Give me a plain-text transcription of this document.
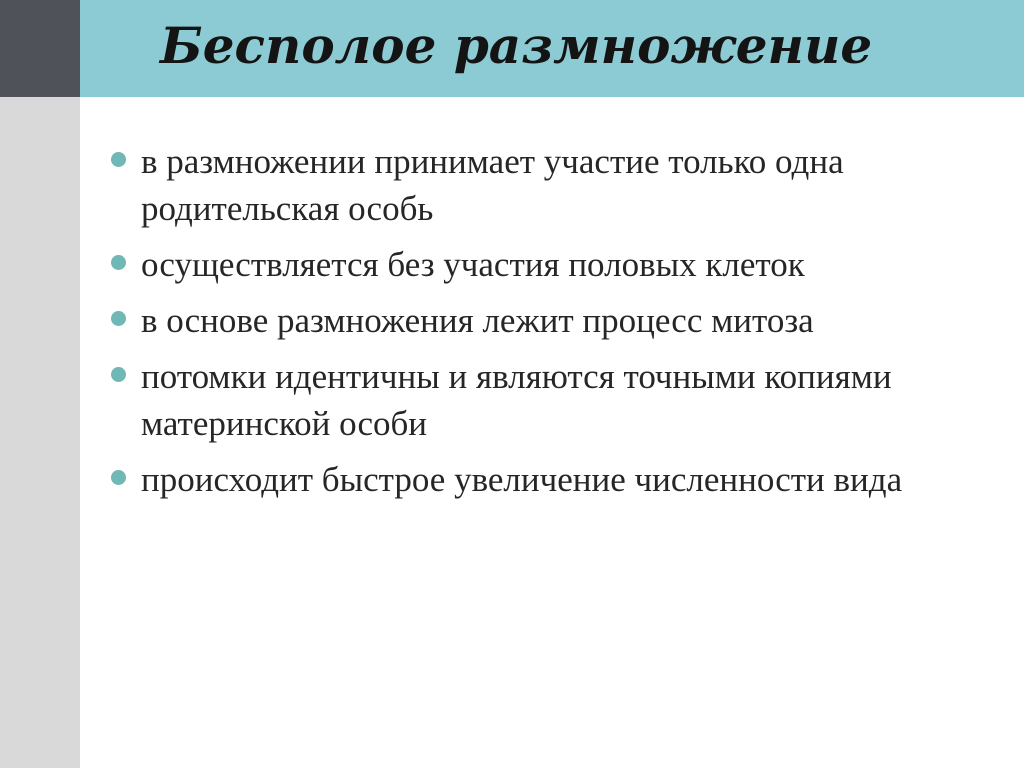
Бесполое размножение
в размножении принимает участие только одна родительская особь
осуществляется без участия половых клеток
в основе размножения лежит процесс митоза
потомки идентичны и являются точными копиями материнской особи
происходит быстрое увеличение численности вида
